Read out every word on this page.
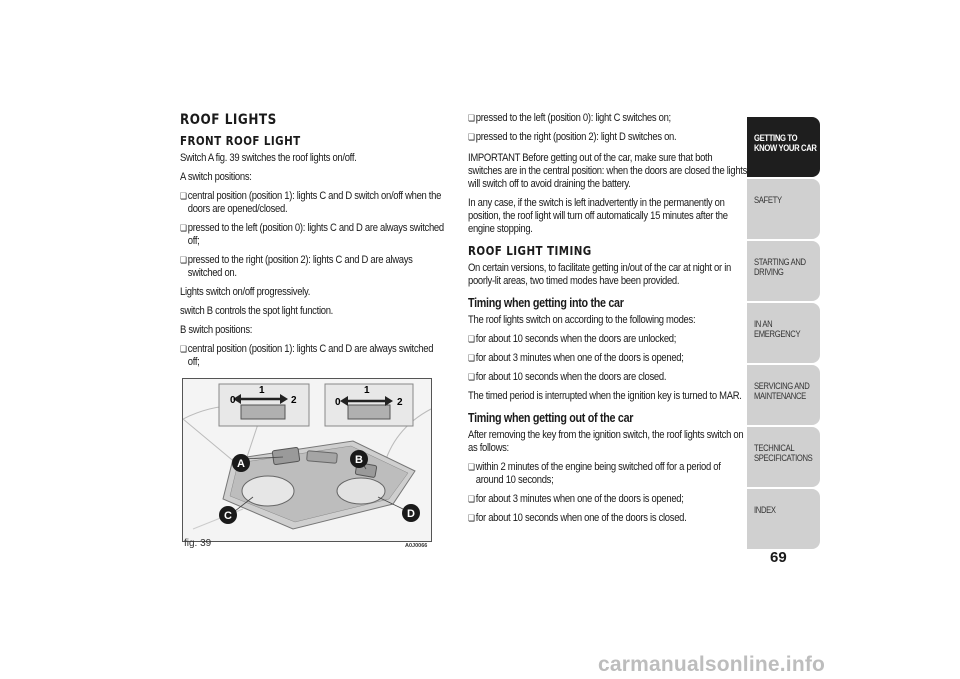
ROOF LIGHTS
FRONT ROOF LIGHT

Switch A fig. 39 switches the roof lights on/off.

A switch positions:

❏ central position (position 1): lights C and D switch on/off when the doors are opened/closed.
❏ pressed to the left (position 0): lights C and D are always switched off;
❏ pressed to the right (position 2): lights C and D are always switched on.

Lights switch on/off progressively.

switch B controls the spot light function.

B switch positions:

❏ central position (position 1): lights C and D are always switched off;
A	B
C	D
0
1
2	0
1
2
fig. 39	A0J0066
❏ pressed to the left (position 0): light C switches on;
❏ pressed to the right (position 2): light D switches on.

IMPORTANT Before getting out of the car, make sure that both switches are in the central position: when the doors are closed the lights will switch off to avoid draining the battery.

In any case, if the switch is left inadvertently in the permanently on position, the roof light will turn off automatically 15 minutes after the engine stopping.

ROOF LIGHT TIMING

On certain versions, to facilitate getting in/out of the car at night or in poorly-lit areas, two timed modes have been provided.

Timing when getting into the car

The roof lights switch on according to the following modes:

❏ for about 10 seconds when the doors are unlocked;
❏ for about 3 minutes when one of the doors is opened;
❏ for about 10 seconds when the doors are closed.

The timed period is interrupted when the ignition key is turned to MAR.

Timing when getting out of the car

After removing the key from the ignition switch, the roof lights switch on as follows:

❏ within 2 minutes of the engine being switched off for a period of around 10 seconds;
❏ for about 3 minutes when one of the doors is opened;
❏ for about 10 seconds when one of the doors is closed.
GETTING TO KNOW YOUR CAR
SAFETY
STARTING AND DRIVING
IN AN EMERGENCY
SERVICING AND MAINTENANCE
TECHNICAL SPECIFICATIONS
INDEX
69
carmanualsonline.info
